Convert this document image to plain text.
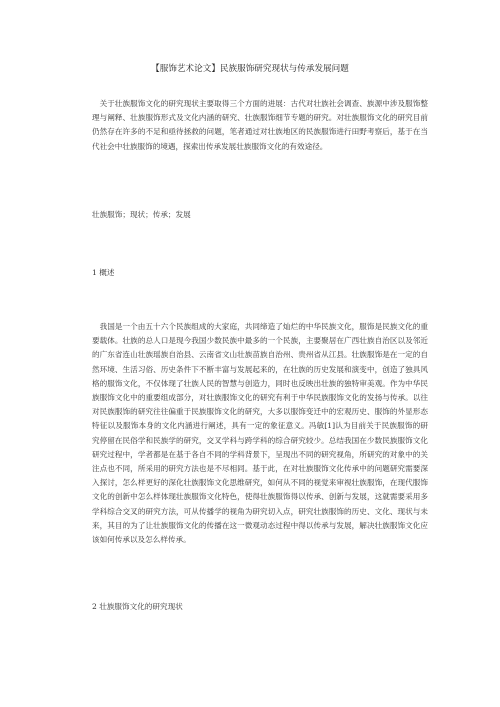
【服饰艺术论文】民族服饰研究现状与传承发展问题

关于壮族服饰文化的研究现状主要取得三个方面的进展：古代对壮族社会调查、族源中涉及服饰整理与阐释、壮族服饰形式及文化内涵的研究、壮族服饰细节专题的研究。对壮族服饰文化的研究目前仍然存在许多的不足和亟待拯救的问题，笔者通过对壮族地区的民族服饰进行田野考察后，基于在当代社会中壮族服饰的境遇，探索出传承发展壮族服饰文化的有效途径。

壮族服饰；现状；传承；发展

1 概述

我国是一个由五十六个民族组成的大家庭，共同缔造了灿烂的中华民族文化，服饰是民族文化的重要载体。壮族的总人口是现今我国少数民族中最多的一个民族，主要聚居在广西壮族自治区以及邻近的广东省连山壮族瑶族自治县、云南省文山壮族苗族自治州、贵州省从江县。壮族服饰是在一定的自然环境、生活习俗、历史条件下不断丰富与发展起来的，在壮族的历史发展和演变中，创造了独具风格的服饰文化，不仅体现了壮族人民的智慧与创造力，同时也反映出壮族的独特审美观。作为中华民族服饰文化中的重要组成部分，对壮族服饰文化的研究有利于中华民族服饰文化的发扬与传承。以往对民族服饰的研究往往偏重于民族服饰文化的研究，大多以服饰变迁中的宏观历史、服饰的外显形态特征以及服饰本身的文化内涵进行阐述，具有一定的象征意义。冯敏[1]认为目前关于民族服饰的研究停留在民俗学和民族学的研究，交叉学科与跨学科的综合研究较少。总结我国在少数民族服饰文化研究过程中，学者都是在基于各自不同的学科背景下，呈现出不同的研究视角，所研究的对象中的关注点也不同，所采用的研究方法也是不尽相同。基于此，在对壮族服饰文化传承中的问题研究需要深入探讨，怎么样更好的深化壮族服饰文化思维研究，如何从不同的视觉来审视壮族服饰，在现代服饰文化的创新中怎么样体现壮族服饰文化特色，使得壮族服饰得以传承、创新与发展，这就需要采用多学科综合交叉的研究方法，可从传播学的视角为研究切入点，研究壮族服饰的历史、文化、现状与未来，其目的为了让壮族服饰文化的传播在这一微观动态过程中得以传承与发展，解决壮族服饰文化应该如何传承以及怎么样传承。

2 壮族服饰文化的研究现状
